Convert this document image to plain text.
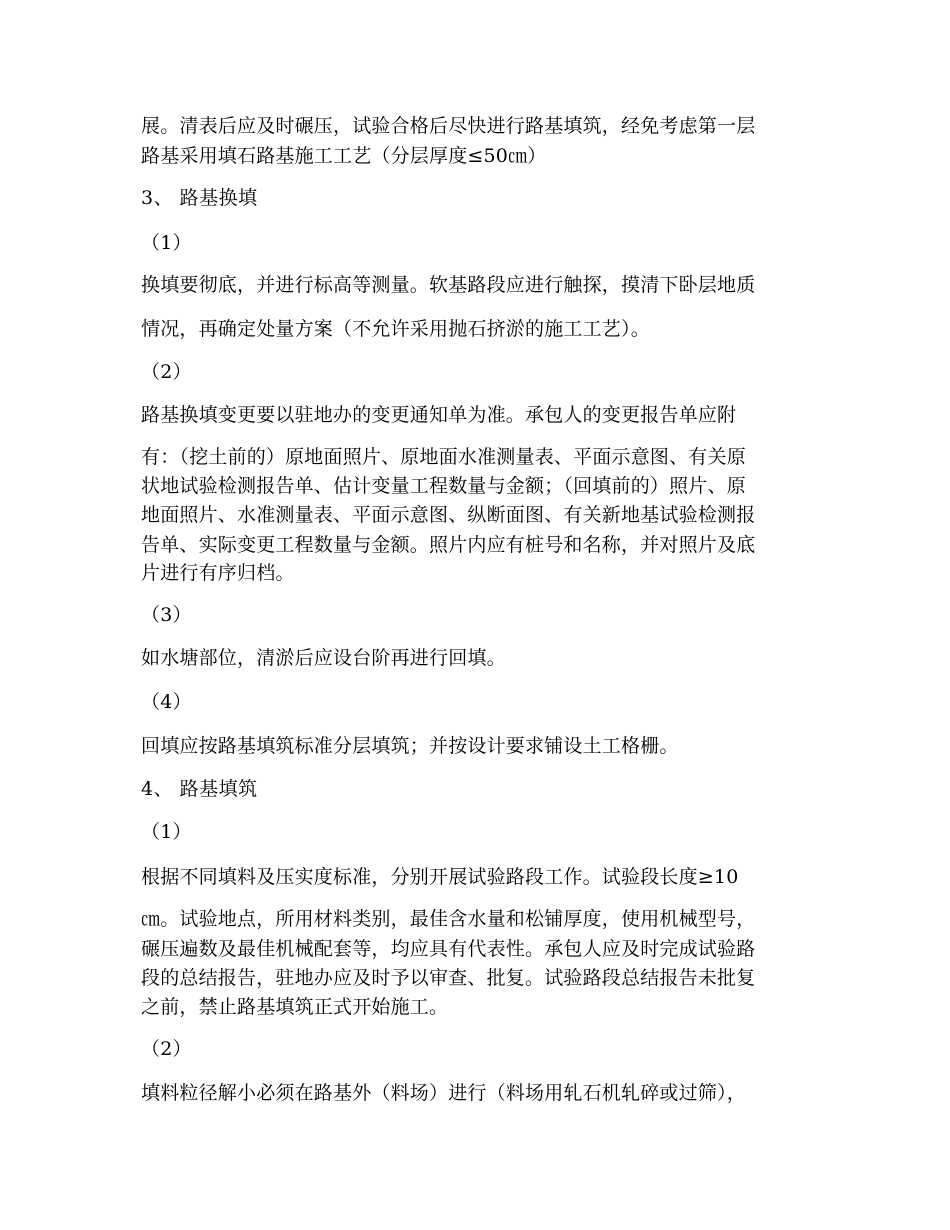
展。清表后应及时碾压，试验合格后尽快进行路基填筑，经免考虑第一层
路基采用填石路基施工工艺（分层厚度≤50㎝）
3、 路基换填
（1）
换填要彻底，并进行标高等测量。软基路段应进行触探，摸清下卧层地质
情况，再确定处量方案（不允许采用抛石挤淤的施工工艺）。
（2）
路基换填变更要以驻地办的变更通知单为准。承包人的变更报告单应附
有：（挖土前的）原地面照片、原地面水准测量表、平面示意图、有关原
状地试验检测报告单、估计变量工程数量与金额；（回填前的）照片、原
地面照片、水准测量表、平面示意图、纵断面图、有关新地基试验检测报
告单、实际变更工程数量与金额。照片内应有桩号和名称，并对照片及底
片进行有序归档。
（3）
如水塘部位，清淤后应设台阶再进行回填。
（4）
回填应按路基填筑标准分层填筑；并按设计要求铺设土工格栅。
4、 路基填筑
（1）
根据不同填料及压实度标准，分别开展试验路段工作。试验段长度≥10
㎝。试验地点，所用材料类别，最佳含水量和松铺厚度，使用机械型号，
碾压遍数及最佳机械配套等，均应具有代表性。承包人应及时完成试验路
段的总结报告，驻地办应及时予以审查、批复。试验路段总结报告未批复
之前，禁止路基填筑正式开始施工。
（2）
填料粒径解小必须在路基外（料场）进行（料场用轧石机轧碎或过筛），
